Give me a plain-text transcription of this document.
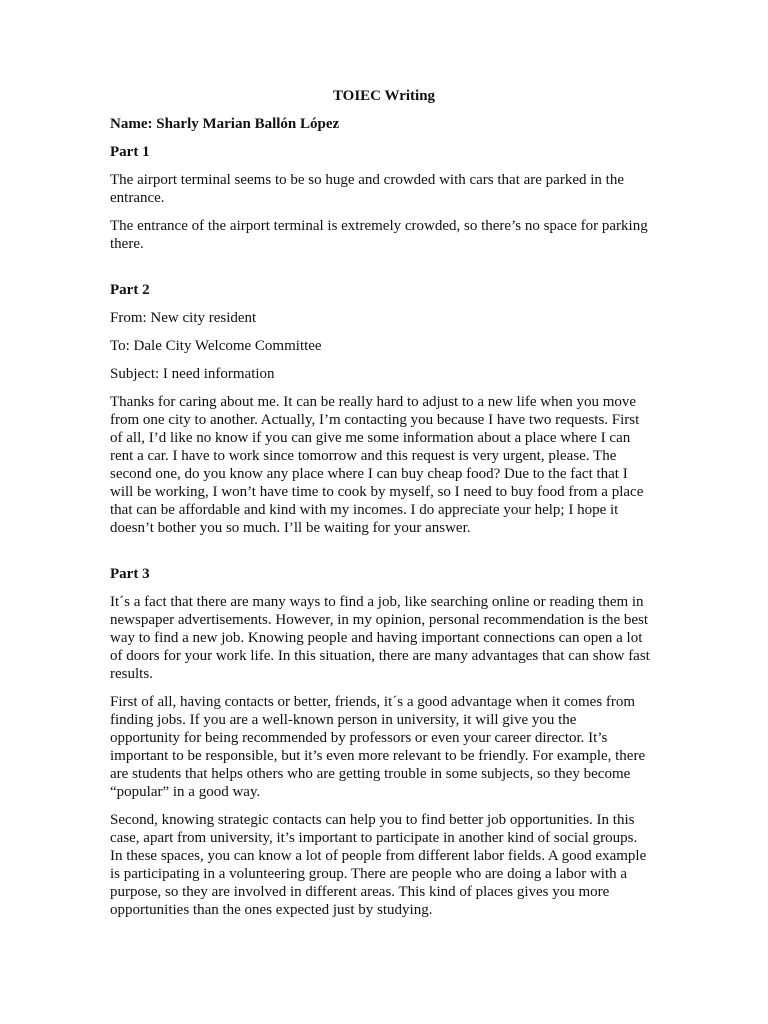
TOIEC Writing

Name: Sharly Marian Ballón López

Part 1

The airport terminal seems to be so huge and crowded with cars that are parked in the entrance.

The entrance of the airport terminal is extremely crowded, so there’s no space for parking there.

Part 2

From: New city resident

To: Dale City Welcome Committee

Subject: I need information

Thanks for caring about me. It can be really hard to adjust to a new life when you move from one city to another. Actually, I’m contacting you because I have two requests. First of all, I’d like no know if you can give me some information about a place where I can rent a car. I have to work since tomorrow and this request is very urgent, please. The second one, do you know any place where I can buy cheap food? Due to the fact that I will be working, I won’t have time to cook by myself, so I need to buy food from a place that can be affordable and kind with my incomes. I do appreciate your help; I hope it doesn’t bother you so much. I’ll be waiting for your answer.

Part 3

It´s a fact that there are many ways to find a job, like searching online or reading them in newspaper advertisements. However, in my opinion, personal recommendation is the best way to find a new job. Knowing people and having important connections can open a lot of doors for your work life. In this situation, there are many advantages that can show fast results.

First of all, having contacts or better, friends, it´s a good advantage when it comes from finding jobs. If you are a well-known person in university, it will give you the opportunity for being recommended by professors or even your career director. It’s important to be responsible, but it’s even more relevant to be friendly. For example, there are students that helps others who are getting trouble in some subjects, so they become “popular” in a good way.

Second, knowing strategic contacts can help you to find better job opportunities. In this case, apart from university, it’s important to participate in another kind of social groups. In these spaces, you can know a lot of people from different labor fields. A good example is participating in a volunteering group. There are people who are doing a labor with a purpose, so they are involved in different areas. This kind of places gives you more opportunities than the ones expected just by studying.
